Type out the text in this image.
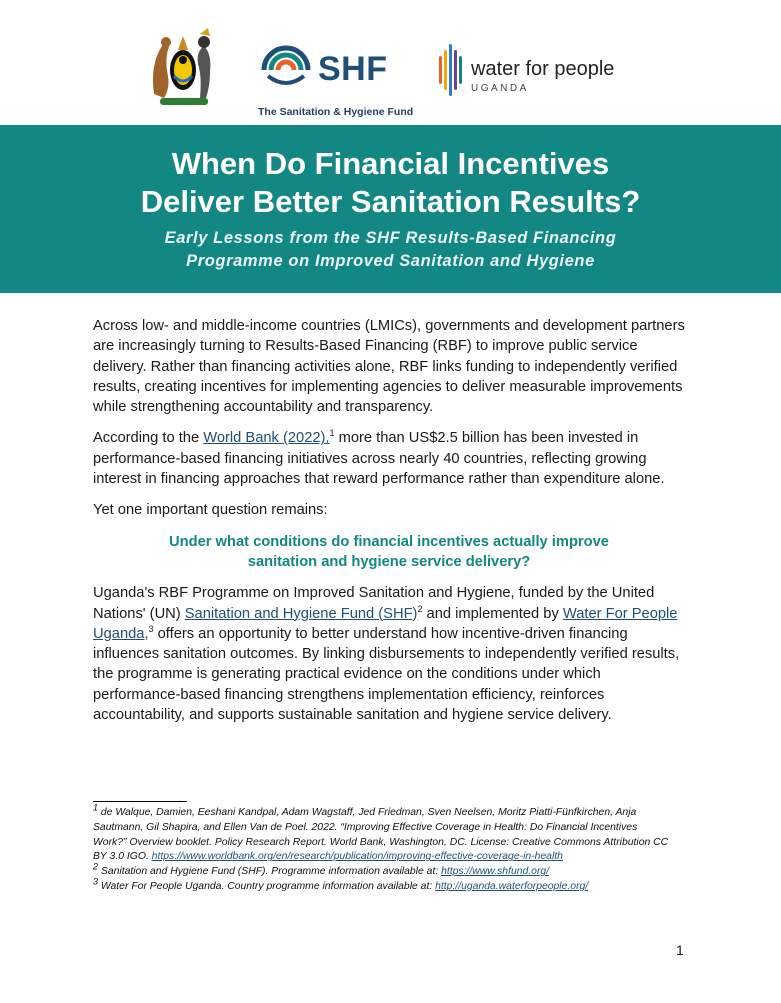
SHF
The Sanitation & Hygiene Fund
water for people
UGANDA
When Do Financial Incentives
Deliver Better Sanitation Results?
Early Lessons from the SHF Results-Based Financing
Programme on Improved Sanitation and Hygiene

Across low- and middle-income countries (LMICs), governments and development partners are increasingly turning to Results-Based Financing (RBF) to improve public service delivery. Rather than financing activities alone, RBF links funding to independently verified results, creating incentives for implementing agencies to deliver measurable improvements while strengthening accountability and transparency.

According to the World Bank (2022),$^1$ more than US$2.5 billion has been invested in performance-based financing initiatives across nearly 40 countries, reflecting growing interest in financing approaches that reward performance rather than expenditure alone.

Yet one important question remains:

Under what conditions do financial incentives actually improve
sanitation and hygiene service delivery?

Uganda's RBF Programme on Improved Sanitation and Hygiene, funded by the United Nations' (UN) Sanitation and Hygiene Fund (SHF)$^2$ and implemented by Water For People Uganda,$^3$ offers an opportunity to better understand how incentive-driven financing influences sanitation outcomes. By linking disbursements to independently verified results, the programme is generating practical evidence on the conditions under which performance-based financing strengthens implementation efficiency, reinforces accountability, and supports sustainable sanitation and hygiene service delivery.

$^1$ de Walque, Damien, Eeshani Kandpal, Adam Wagstaff, Jed Friedman, Sven Neelsen, Moritz Piatti-Fünfkirchen, Anja Sautmann, Gil Shapira, and Ellen Van de Poel. 2022. “Improving Effective Coverage in Health: Do Financial Incentives Work?” Overview booklet. Policy Research Report. World Bank, Washington, DC. License: Creative Commons Attribution CC BY 3.0 IGO. https://www.worldbank.org/en/research/publication/improving-effective-coverage-in-health

$^2$ Sanitation and Hygiene Fund (SHF). Programme information available at: https://www.shfund.org/

$^3$ Water For People Uganda. Country programme information available at: http://uganda.waterforpeople.org/

1
